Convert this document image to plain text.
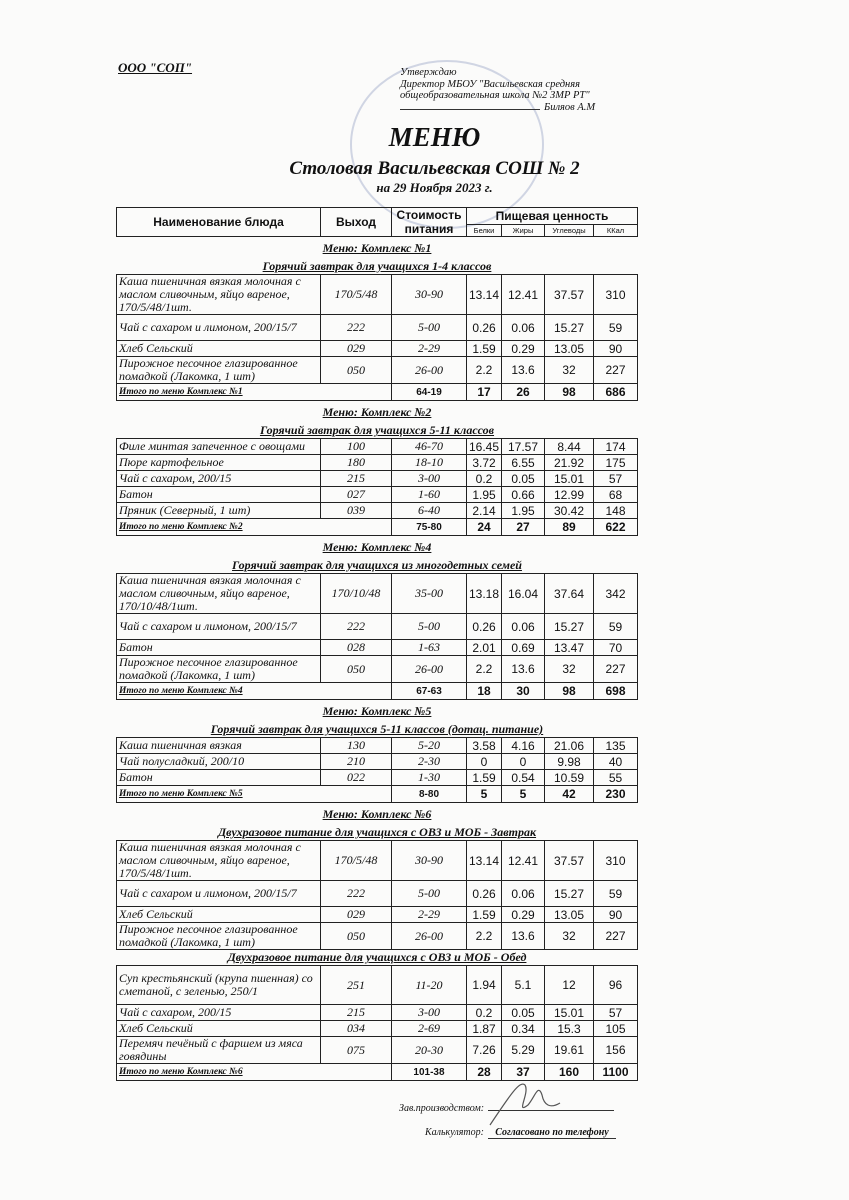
ООО "СОП"	Утверждаю
Директор МБОУ "Васильевская средняя
общеобразовательная школа №2 ЗМР РТ"
Биляов А.М
МЕНЮ
Столовая Васильевская СОШ № 2
на 29 Ноября 2023 г.
Наименование блюда	Выход	Стоимость питания	Пищевая ценность			
			Белки	Жиры	Углеводы	ККал
Меню: Комплекс №1						
Горячий завтрак для учащихся 1-4 классов						
Каша пшеничная вязкая молочная с маслом сливочным, яйцо вареное, 170/5/48/1шт.	170/5/48	30-90	13.14	12.41	37.57	310
Чай с сахаром и лимоном, 200/15/7	222	5-00	0.26	0.06	15.27	59
Хлеб Сельский	029	2-29	1.59	0.29	13.05	90
Пирожное песочное глазированное помадкой (Лакомка, 1 шт)	050	26-00	2.2	13.6	32	227
Итого по меню Комплекс №1		64-19	17	26	98	686
Меню: Комплекс №2						
Горячий завтрак для учащихся 5-11 классов						
Филе минтая запеченное с овощами	100	46-70	16.45	17.57	8.44	174
Пюре картофельное	180	18-10	3.72	6.55	21.92	175
Чай с сахаром, 200/15	215	3-00	0.2	0.05	15.01	57
Батон	027	1-60	1.95	0.66	12.99	68
Пряник (Северный, 1 шт)	039	6-40	2.14	1.95	30.42	148
Итого по меню Комплекс №2		75-80	24	27	89	622
Меню: Комплекс №4						
Горячий завтрак для учащихся из многодетных семей						
Каша пшеничная вязкая молочная с маслом сливочным, яйцо вареное, 170/10/48/1шт.	170/10/48	35-00	13.18	16.04	37.64	342
Чай с сахаром и лимоном, 200/15/7	222	5-00	0.26	0.06	15.27	59
Батон	028	1-63	2.01	0.69	13.47	70
Пирожное песочное глазированное помадкой (Лакомка, 1 шт)	050	26-00	2.2	13.6	32	227
Итого по меню Комплекс №4		67-63	18	30	98	698
Меню: Комплекс №5						
Горячий завтрак для учащихся 5-11 классов (дотац. питание)						
Каша пшеничная вязкая	130	5-20	3.58	4.16	21.06	135
Чай полусладкий, 200/10	210	2-30	0	0	9.98	40
Батон	022	1-30	1.59	0.54	10.59	55
Итого по меню Комплекс №5		8-80	5	5	42	230
Меню: Комплекс №6						
Двухразовое питание для учащихся с ОВЗ и МОБ - Завтрак						
Каша пшеничная вязкая молочная с маслом сливочным, яйцо вареное, 170/5/48/1шт.	170/5/48	30-90	13.14	12.41	37.57	310
Чай с сахаром и лимоном, 200/15/7	222	5-00	0.26	0.06	15.27	59
Хлеб Сельский	029	2-29	1.59	0.29	13.05	90
Пирожное песочное глазированное помадкой (Лакомка, 1 шт)	050	26-00	2.2	13.6	32	227
Двухразовое питание для учащихся с ОВЗ и МОБ - Обед						
Суп крестьянский (крупа пшенная) со сметаной, с зеленью, 250/1	251	11-20	1.94	5.1	12	96
Чай с сахаром, 200/15	215	3-00	0.2	0.05	15.01	57
Хлеб Сельский	034	2-69	1.87	0.34	15.3	105
Перемяч печёный с фаршем из мяса говядины	075	20-30	7.26	5.29	19.61	156
Итого по меню Комплекс №6		101-38	28	37	160	1100
Зав.производством:
Калькулятор: Согласовано по телефону
